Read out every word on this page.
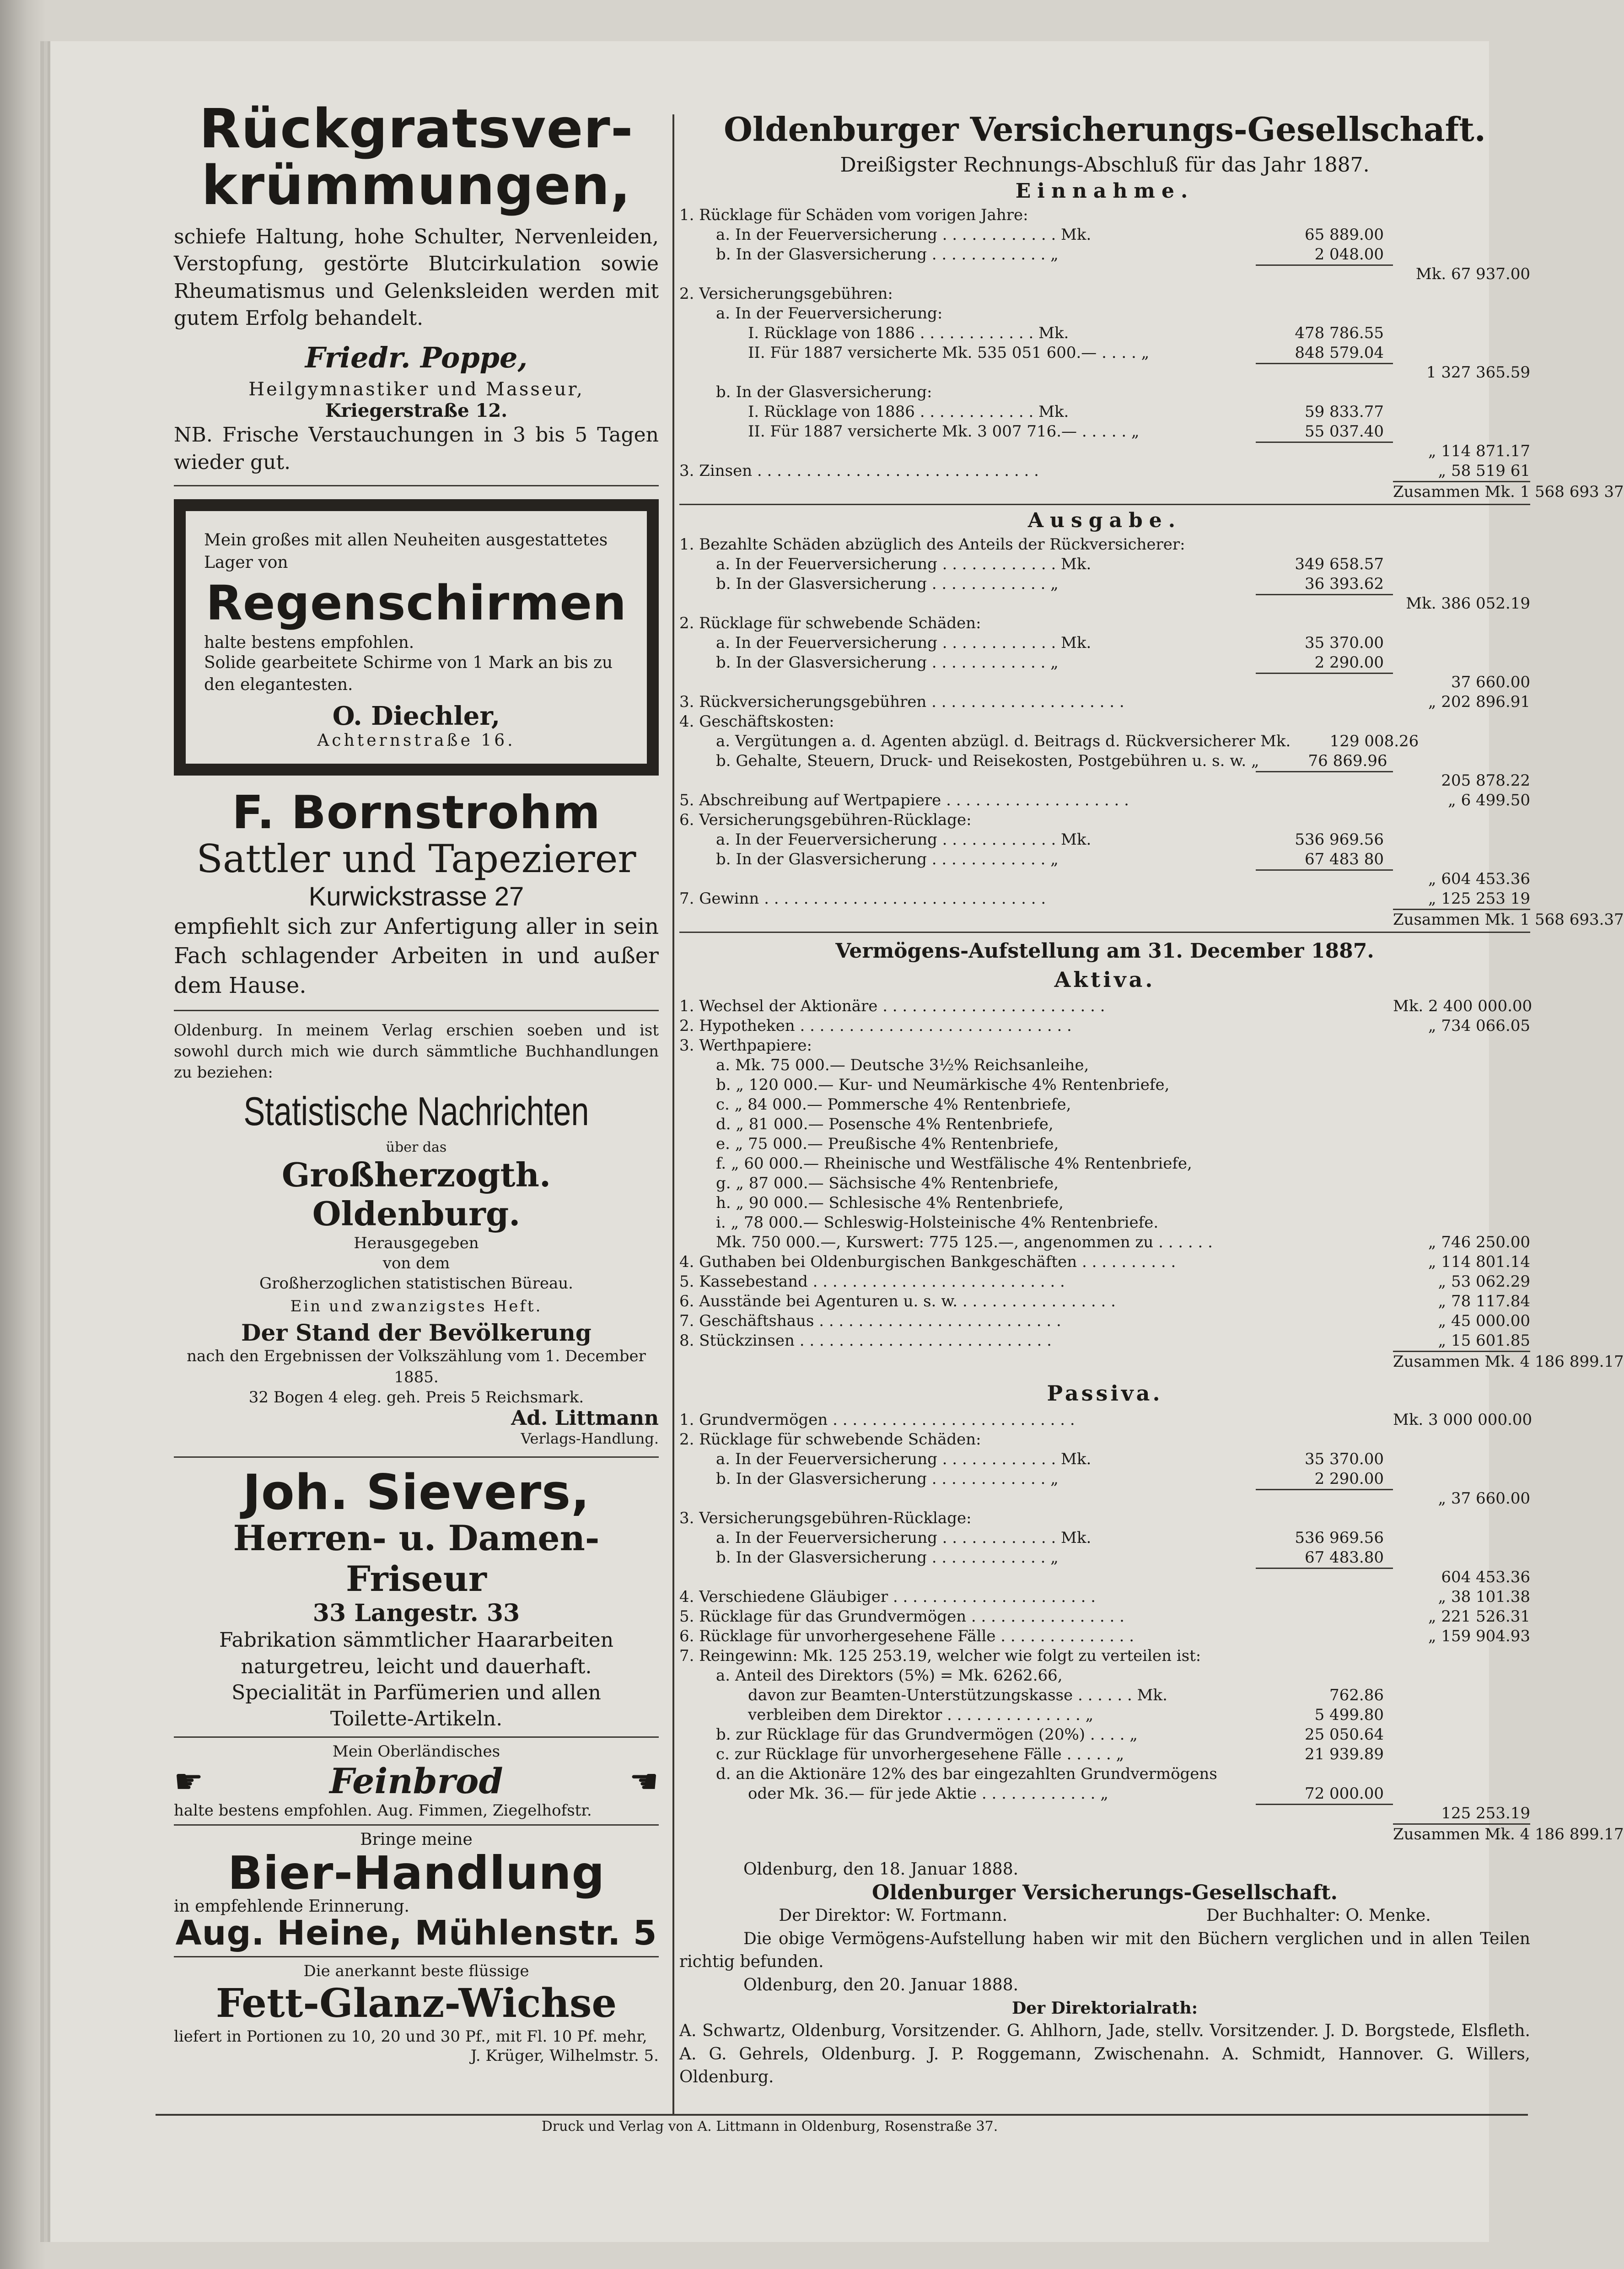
Rückgratsver-
krümmungen,
schiefe Haltung, hohe Schulter, Nervenleiden, Verstopfung, gestörte Blutcirkulation sowie Rheumatismus und Gelenksleiden werden mit gutem Erfolg behandelt.
Friedr. Poppe,
Heilgymnastiker und Masseur,
Kriegerstraße 12.
NB. Frische Verstauchungen in 3 bis 5 Tagen wieder gut.
Mein großes mit allen Neuheiten ausgestattetes Lager von
Regenschirmen
halte bestens empfohlen.
Solide gearbeitete Schirme von 1 Mark an bis zu den elegantesten.
O. Diechler,
Achternstraße 16.
F. Bornstrohm
Sattler und Tapezierer
Kurwickstrasse 27
empfiehlt sich zur Anfertigung aller in sein Fach schlagender Arbeiten in und außer dem Hause.
Oldenburg. In meinem Verlag erschien soeben und ist sowohl durch mich wie durch sämmtliche Buchhandlungen zu beziehen:
Statistische Nachrichten
über das
Großherzogth. Oldenburg.
Herausgegeben
von dem
Großherzoglichen statistischen Büreau.
Ein und zwanzigstes Heft.
Der Stand der Bevölkerung
nach den Ergebnissen der Volkszählung vom 1. December 1885.
32 Bogen 4 eleg. geh. Preis 5 Reichsmark.
Ad. Littmann
Verlags-Handlung.
Joh. Sievers,
Herren- u. Damen-Friseur
33 Langestr. 33
Fabrikation sämmtlicher Haararbeiten
naturgetreu, leicht und dauerhaft.
Specialität in Parfümerien und allen
Toilette-Artikeln.
Mein Oberländisches
☛	Feinbrod	☚
halte bestens empfohlen. Aug. Fimmen, Ziegelhofstr.
Bringe meine
Bier-Handlung
in empfehlende Erinnerung.
Aug. Heine, Mühlenstr. 5
Die anerkannt beste flüssige
Fett-Glanz-Wichse
liefert in Portionen zu 10, 20 und 30 Pf., mit Fl. 10 Pf. mehr,
J. Krüger, Wilhelmstr. 5.
Oldenburger Versicherungs-Gesellschaft.
Dreißigster Rechnungs-Abschluß für das Jahr 1887.
Einnahme.
1. Rücklage für Schäden vom vorigen Jahre:
a. In der Feuerversicherung . . . . . . . . . . . . Mk.	65 889.00
b. In der Glasversicherung . . . . . . . . . . . . „	2 048.00
Mk. 67 937.00
2. Versicherungsgebühren:
a. In der Feuerversicherung:
I. Rücklage von 1886 . . . . . . . . . . . . Mk.	478 786.55
II. Für 1887 versicherte Mk. 535 051 600.— . . . . „	848 579.04
1 327 365.59
b. In der Glasversicherung:
I. Rücklage von 1886 . . . . . . . . . . . . Mk.	59 833.77
II. Für 1887 versicherte Mk. 3 007 716.— . . . . . „	55 037.40
„ 114 871.17
3. Zinsen . . . . . . . . . . . . . . . . . . . . . . . . . . . . .	„ 58 519 61
Zusammen Mk. 1 568 693 37
Ausgabe.
1. Bezahlte Schäden abzüglich des Anteils der Rückversicherer:
a. In der Feuerversicherung . . . . . . . . . . . . Mk.	349 658.57
b. In der Glasversicherung . . . . . . . . . . . . „	36 393.62
Mk. 386 052.19
2. Rücklage für schwebende Schäden:
a. In der Feuerversicherung . . . . . . . . . . . . Mk.	35 370.00
b. In der Glasversicherung . . . . . . . . . . . . „	2 290.00
37 660.00
3. Rückversicherungsgebühren . . . . . . . . . . . . . . . . . . . .	„ 202 896.91
4. Geschäftskosten:
a. Vergütungen a. d. Agenten abzügl. d. Beitrags d. Rückversicherer Mk.	129 008.26
b. Gehalte, Steuern, Druck- und Reisekosten, Postgebühren u. s. w. „	76 869.96
205 878.22
5. Abschreibung auf Wertpapiere . . . . . . . . . . . . . . . . . . .	„ 6 499.50
6. Versicherungsgebühren-Rücklage:
a. In der Feuerversicherung . . . . . . . . . . . . Mk.	536 969.56
b. In der Glasversicherung . . . . . . . . . . . . „	67 483 80
„ 604 453.36
7. Gewinn . . . . . . . . . . . . . . . . . . . . . . . . . . . . .	„ 125 253 19
Zusammen Mk. 1 568 693.37
Vermögens-Aufstellung am 31. December 1887.
Aktiva.
1. Wechsel der Aktionäre . . . . . . . . . . . . . . . . . . . . . . .	Mk. 2 400 000.00
2. Hypotheken . . . . . . . . . . . . . . . . . . . . . . . . . . . .	„ 734 066.05
3. Werthpapiere:
a. Mk. 75 000.— Deutsche 3½% Reichsanleihe,
b. „ 120 000.— Kur- und Neumärkische 4% Rentenbriefe,
c. „ 84 000.— Pommersche 4% Rentenbriefe,
d. „ 81 000.— Posensche 4% Rentenbriefe,
e. „ 75 000.— Preußische 4% Rentenbriefe,
f. „ 60 000.— Rheinische und Westfälische 4% Rentenbriefe,
g. „ 87 000.— Sächsische 4% Rentenbriefe,
h. „ 90 000.— Schlesische 4% Rentenbriefe,
i. „ 78 000.— Schleswig-Holsteinische 4% Rentenbriefe.
Mk. 750 000.—, Kurswert: 775 125.—, angenommen zu . . . . . .	„ 746 250.00
4. Guthaben bei Oldenburgischen Bankgeschäften . . . . . . . . . .	„ 114 801.14
5. Kassebestand . . . . . . . . . . . . . . . . . . . . . . . . . .	„ 53 062.29
6. Ausstände bei Agenturen u. s. w. . . . . . . . . . . . . . . . .	„ 78 117.84
7. Geschäftshaus . . . . . . . . . . . . . . . . . . . . . . . . .	„ 45 000.00
8. Stückzinsen . . . . . . . . . . . . . . . . . . . . . . . . . .	„ 15 601.85
Zusammen Mk. 4 186 899.17
Passiva.
1. Grundvermögen . . . . . . . . . . . . . . . . . . . . . . . . .	Mk. 3 000 000.00
2. Rücklage für schwebende Schäden:
a. In der Feuerversicherung . . . . . . . . . . . . Mk.	35 370.00
b. In der Glasversicherung . . . . . . . . . . . . „	2 290.00
„ 37 660.00
3. Versicherungsgebühren-Rücklage:
a. In der Feuerversicherung . . . . . . . . . . . . Mk.	536 969.56
b. In der Glasversicherung . . . . . . . . . . . . „	67 483.80
604 453.36
4. Verschiedene Gläubiger . . . . . . . . . . . . . . . . . . . . .	„ 38 101.38
5. Rücklage für das Grundvermögen . . . . . . . . . . . . . . . .	„ 221 526.31
6. Rücklage für unvorhergesehene Fälle . . . . . . . . . . . . . .	„ 159 904.93
7. Reingewinn: Mk. 125 253.19, welcher wie folgt zu verteilen ist:
a. Anteil des Direktors (5%) = Mk. 6262.66,
davon zur Beamten-Unterstützungskasse . . . . . . Mk.	762.86
verbleiben dem Direktor . . . . . . . . . . . . . . „	5 499.80
b. zur Rücklage für das Grundvermögen (20%) . . . . „	25 050.64
c. zur Rücklage für unvorhergesehene Fälle . . . . . „	21 939.89
d. an die Aktionäre 12% des bar eingezahlten Grundvermögens
oder Mk. 36.— für jede Aktie . . . . . . . . . . . . „	72 000.00
125 253.19
Zusammen Mk. 4 186 899.17
Oldenburg, den 18. Januar 1888.
Oldenburger Versicherungs-Gesellschaft.
Der Direktor: W. Fortmann.	Der Buchhalter: O. Menke.
Die obige Vermögens-Aufstellung haben wir mit den Büchern verglichen und in allen Teilen richtig befunden.
Oldenburg, den 20. Januar 1888.
Der Direktorialrath:
A. Schwartz, Oldenburg, Vorsitzender. G. Ahlhorn, Jade, stellv. Vorsitzender. J. D. Borgstede, Elsfleth. A. G. Gehrels, Oldenburg. J. P. Roggemann, Zwischenahn. A. Schmidt, Hannover. G. Willers, Oldenburg.
Druck und Verlag von A. Littmann in Oldenburg, Rosenstraße 37.
